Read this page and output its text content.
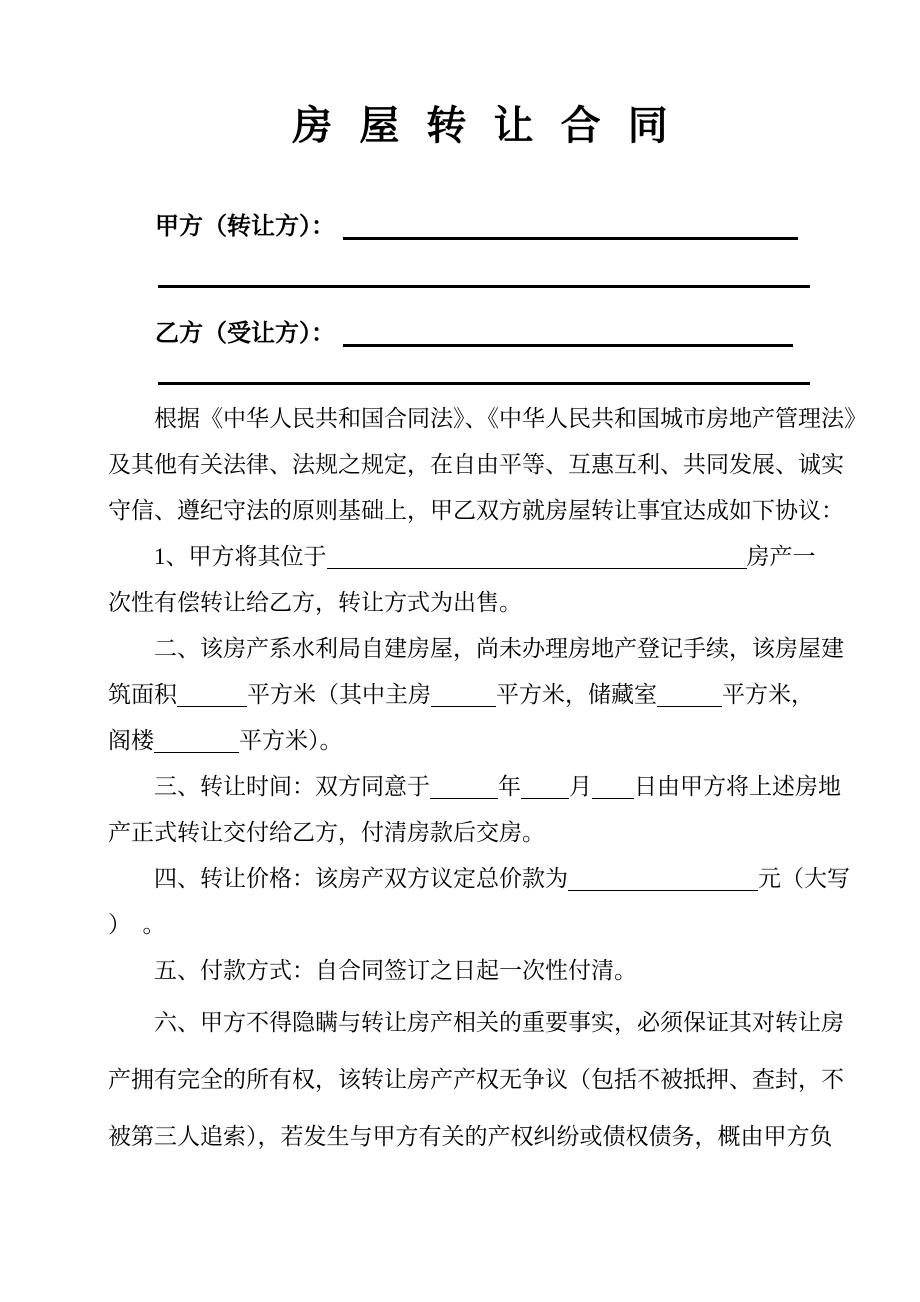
房 屋 转 让 合 同
甲方（转让方）：
乙方（受让方）：
根据《中华人民共和国合同法》、《中华人民共和国城市房地产管理法》
及其他有关法律、法规之规定，在自由平等、互惠互利、共同发展、诚实
守信、遵纪守法的原则基础上，甲乙双方就房屋转让事宜达成如下协议：
1、甲方将其位于	房产一
次性有偿转让给乙方，转让方式为出售。
二、该房产系水利局自建房屋，尚未办理房地产登记手续，该房屋建
筑面积	平方米（其中主房	平方米，储藏室	平方米，
阁楼	平方米）。
三、转让时间：双方同意于	年 月 日由甲方将上述房地
产正式转让交付给乙方，付清房款后交房。
四、转让价格：该房产双方议定总价款为	元（大写
）　。
五、付款方式：自合同签订之日起一次性付清。
六、甲方不得隐瞒与转让房产相关的重要事实，必须保证其对转让房
产拥有完全的所有权，该转让房产产权无争议（包括不被抵押、查封，不
被第三人追索），若发生与甲方有关的产权纠纷或债权债务，概由甲方负
